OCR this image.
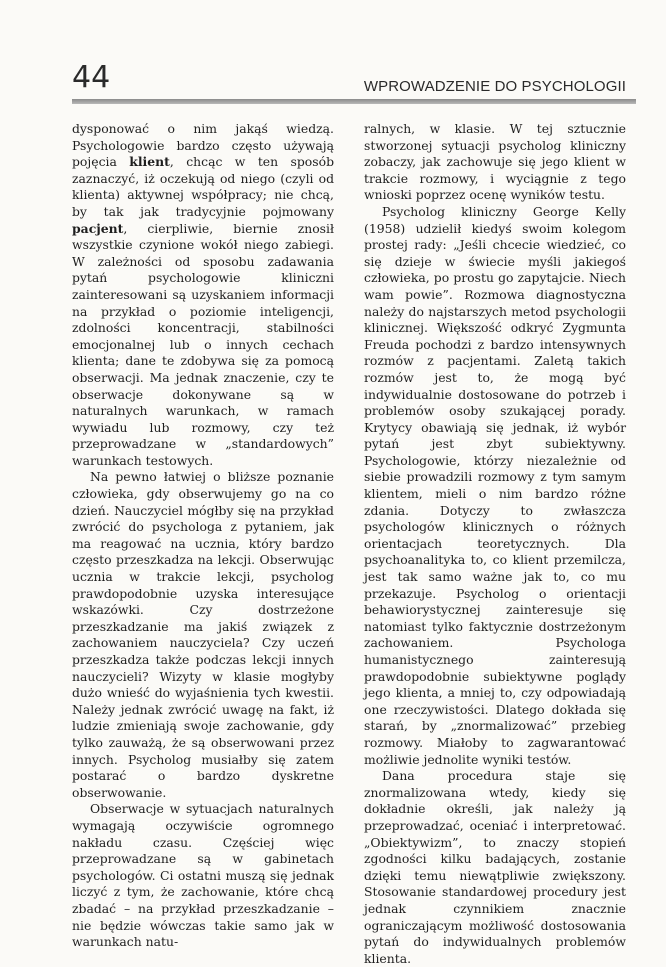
44	WPROWADZENIE DO PSYCHOLOGII

dysponować o nim jakąś wiedzą. Psychologowie bardzo często używają pojęcia klient, chcąc w ten sposób zaznaczyć, iż oczekują od niego (czyli od klienta) aktywnej współpracy; nie chcą, by tak jak tradycyjnie pojmowany pacjent, cierpliwie, biernie znosił wszystkie czynione wokół niego zabiegi. W zależności od sposobu zadawania pytań psychologowie kliniczni zainteresowani są uzyskaniem informacji na przykład o poziomie inteligencji, zdolności koncentracji, stabilności emocjonalnej lub o innych cechach klienta; dane te zdobywa się za pomocą obserwacji. Ma jednak znaczenie, czy te obserwacje dokonywane są w naturalnych warunkach, w ramach wywiadu lub rozmowy, czy też przeprowadzane w „standardowych” warunkach testowych.

Na pewno łatwiej o bliższe poznanie człowieka, gdy obserwujemy go na co dzień. Nauczyciel mógłby się na przykład zwrócić do psychologa z pytaniem, jak ma reagować na ucznia, który bardzo często przeszkadza na lekcji. Obserwując ucznia w trakcie lekcji, psycholog prawdopodobnie uzyska interesujące wskazówki. Czy dostrzeżone przeszkadzanie ma jakiś związek z zachowaniem nauczyciela? Czy uczeń przeszkadza także podczas lekcji innych nauczycieli? Wizyty w klasie mogłyby dużo wnieść do wyjaśnienia tych kwestii. Należy jednak zwrócić uwagę na fakt, iż ludzie zmieniają swoje zachowanie, gdy tylko zauważą, że są obserwowani przez innych. Psycholog musiałby się zatem postarać o bardzo dyskretne obserwowanie.

Obserwacje w sytuacjach naturalnych wymagają oczywiście ogromnego nakładu czasu. Częściej więc przeprowadzane są w gabinetach psychologów. Ci ostatni muszą się jednak liczyć z tym, że zachowanie, które chcą zbadać – na przykład przeszkadzanie – nie będzie wówczas takie samo jak w warunkach natu-

ralnych, w klasie. W tej sztucznie stworzonej sytuacji psycholog kliniczny zobaczy, jak zachowuje się jego klient w trakcie rozmowy, i wyciągnie z tego wnioski poprzez ocenę wyników testu.

Psycholog kliniczny George Kelly (1958) udzielił kiedyś swoim kolegom prostej rady: „Jeśli chcecie wiedzieć, co się dzieje w świecie myśli jakiegoś człowieka, po prostu go zapytajcie. Niech wam powie”. Rozmowa diagnostyczna należy do najstarszych metod psychologii klinicznej. Większość odkryć Zygmunta Freuda pochodzi z bardzo intensywnych rozmów z pacjentami. Zaletą takich rozmów jest to, że mogą być indywidualnie dostosowane do potrzeb i problemów osoby szukającej porady. Krytycy obawiają się jednak, iż wybór pytań jest zbyt subiektywny. Psychologowie, którzy niezależnie od siebie prowadzili rozmowy z tym samym klientem, mieli o nim bardzo różne zdania. Dotyczy to zwłaszcza psychologów klinicznych o różnych orientacjach teoretycznych. Dla psychoanalityka to, co klient przemilcza, jest tak samo ważne jak to, co mu przekazuje. Psycholog o orientacji behawiorystycznej zainteresuje się natomiast tylko faktycznie dostrzeżonym zachowaniem. Psychologa humanistycznego zainteresują prawdopodobnie subiektywne poglądy jego klienta, a mniej to, czy odpowiadają one rzeczywistości. Dlatego dokłada się starań, by „znormalizować” przebieg rozmowy. Miałoby to zagwarantować możliwie jednolite wyniki testów.

Dana procedura staje się znormalizowana wtedy, kiedy się dokładnie określi, jak należy ją przeprowadzać, oceniać i interpretować. „Obiektywizm”, to znaczy stopień zgodności kilku badających, zostanie dzięki temu niewątpliwie zwiększony. Stosowanie standardowej procedury jest jednak czynnikiem znacznie ograniczającym możliwość dostosowania pytań do indywidualnych problemów klienta.
